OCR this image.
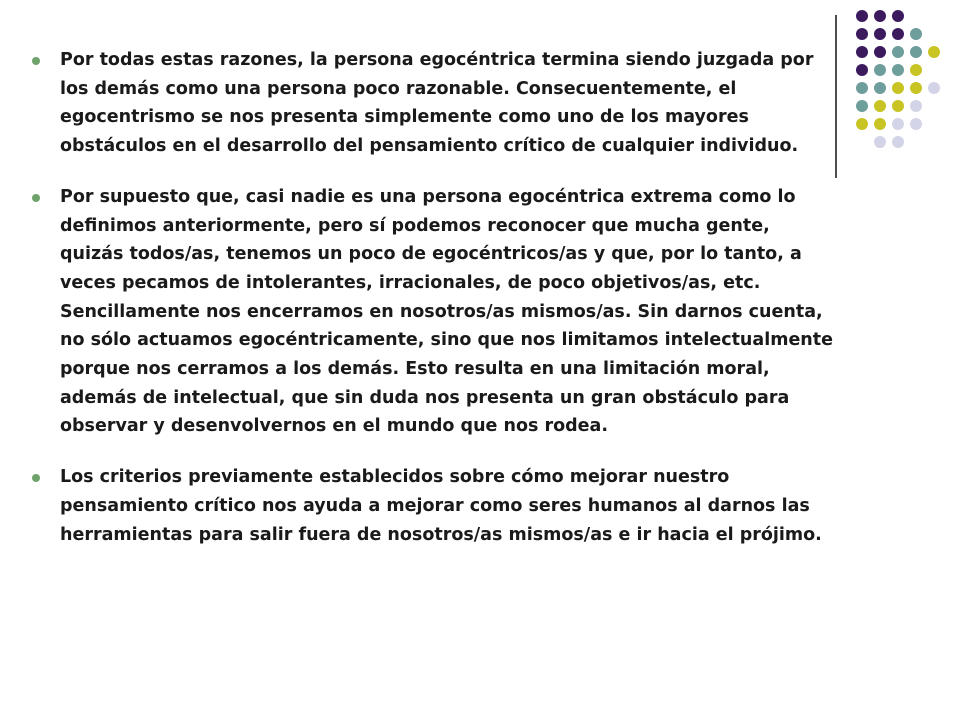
Por todas estas razones, la persona egocéntrica termina siendo juzgada por los demás como una persona poco razonable. Consecuentemente, el egocentrismo se nos presenta simplemente como uno de los mayores obstáculos en el desarrollo del pensamiento crítico de cualquier individuo.
Por supuesto que, casi nadie es una persona egocéntrica extrema como lo definimos anteriormente, pero sí podemos reconocer que mucha gente, quizás todos/as, tenemos un poco de egocéntricos/as y que, por lo tanto, a veces pecamos de intolerantes, irracionales, de poco objetivos/as, etc. Sencillamente nos encerramos en nosotros/as mismos/as. Sin darnos cuenta, no sólo actuamos egocéntricamente, sino que nos limitamos intelectualmente porque nos cerramos a los demás. Esto resulta en una limitación moral, además de intelectual, que sin duda nos presenta un gran obstáculo para observar y desenvolvernos en el mundo que nos rodea.
Los criterios previamente establecidos sobre cómo mejorar nuestro pensamiento crítico nos ayuda a mejorar como seres humanos al darnos las herramientas para salir fuera de nosotros/as mismos/as e ir hacia el prójimo.
